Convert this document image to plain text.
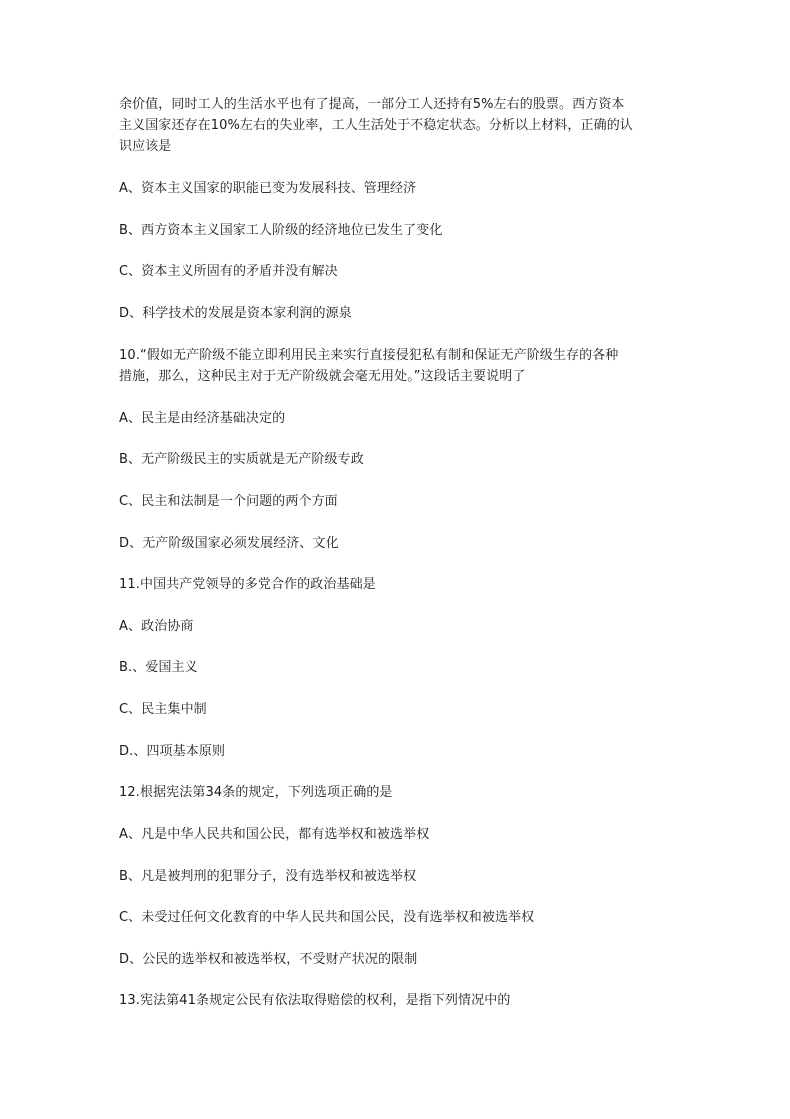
余价值，同时工人的生活水平也有了提高，一部分工人还持有5%左右的股票。西方资本
主义国家还存在10%左右的失业率，工人生活处于不稳定状态。分析以上材料，正确的认
识应该是
A、资本主义国家的职能已变为发展科技、管理经济
B、西方资本主义国家工人阶级的经济地位已发生了变化
C、资本主义所固有的矛盾并没有解决
D、科学技术的发展是资本家利润的源泉
10.“假如无产阶级不能立即利用民主来实行直接侵犯私有制和保证无产阶级生存的各种
措施，那么，这种民主对于无产阶级就会毫无用处。”这段话主要说明了
A、民主是由经济基础决定的
B、无产阶级民主的实质就是无产阶级专政
C、民主和法制是一个问题的两个方面
D、无产阶级国家必须发展经济、文化
11.中国共产党领导的多党合作的政治基础是
A、政治协商
B.、爱国主义
C、民主集中制
D.、四项基本原则
12.根据宪法第34条的规定，下列选项正确的是
A、凡是中华人民共和国公民，都有选举权和被选举权
B、凡是被判刑的犯罪分子，没有选举权和被选举权
C、未受过任何文化教育的中华人民共和国公民，没有选举权和被选举权
D、公民的选举权和被选举权，不受财产状况的限制
13.宪法第41条规定公民有依法取得赔偿的权利，是指下列情况中的
